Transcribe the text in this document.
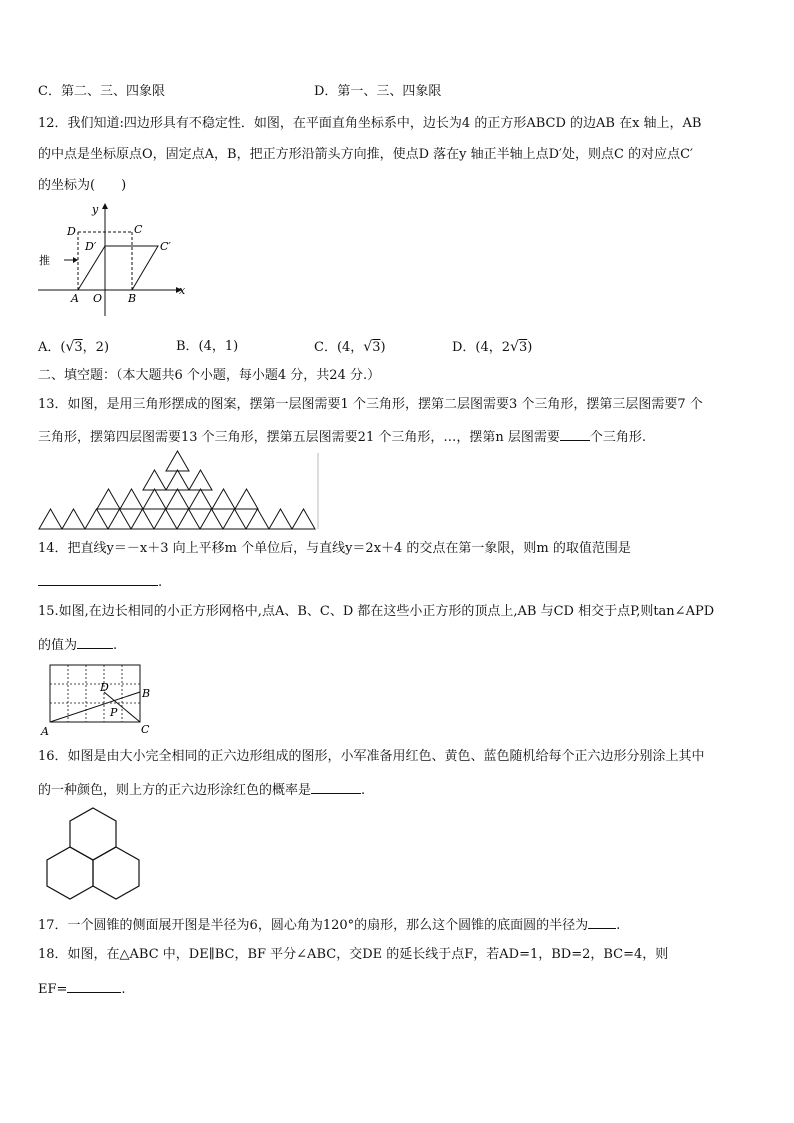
C．第二、三、四象限	D．第一、三、四象限
12．我们知道:四边形具有不稳定性．如图，在平面直角坐标系中，边长为4 的正方形ABCD 的边AB 在x 轴上，AB
的中点是坐标原点O，固定点A，B，把正方形沿箭头方向推，使点D 落在y 轴正半轴上点D′处，则点C 的对应点C′
的坐标为(　　)
推
y
x
D	C
D′	C′
A O B
A．(√3，2)	B．(4，1)	C．(4，√3)	D．(4，2√3)
二、填空题：（本大题共6 个小题，每小题4 分，共24 分.）
13．如图，是用三角形摆成的图案，摆第一层图需要1 个三角形，摆第二层图需要3 个三角形，摆第三层图需要7 个
三角形，摆第四层图需要13 个三角形，摆第五层图需要21 个三角形，…，摆第n 层图需要 个三角形.
14．把直线y＝－x＋3 向上平移m 个单位后，与直线y＝2x＋4 的交点在第一象限，则m 的取值范围是
.
15.如图,在边长相同的小正方形网格中,点A、B、C、D 都在这些小正方形的顶点上,AB 与CD 相交于点P,则tan∠APD
的值为	.
D	B
P
A	C
16．如图是由大小完全相同的正六边形组成的图形，小军准备用红色、黄色、蓝色随机给每个正六边形分别涂上其中
的一种颜色，则上方的正六边形涂红色的概率是	.
17．一个圆锥的侧面展开图是半径为6，圆心角为120°的扇形，那么这个圆锥的底面圆的半径为 .
18．如图，在△ABC 中，DE∥BC，BF 平分∠ABC，交DE 的延长线于点F，若AD=1，BD=2，BC=4，则
EF=	.
